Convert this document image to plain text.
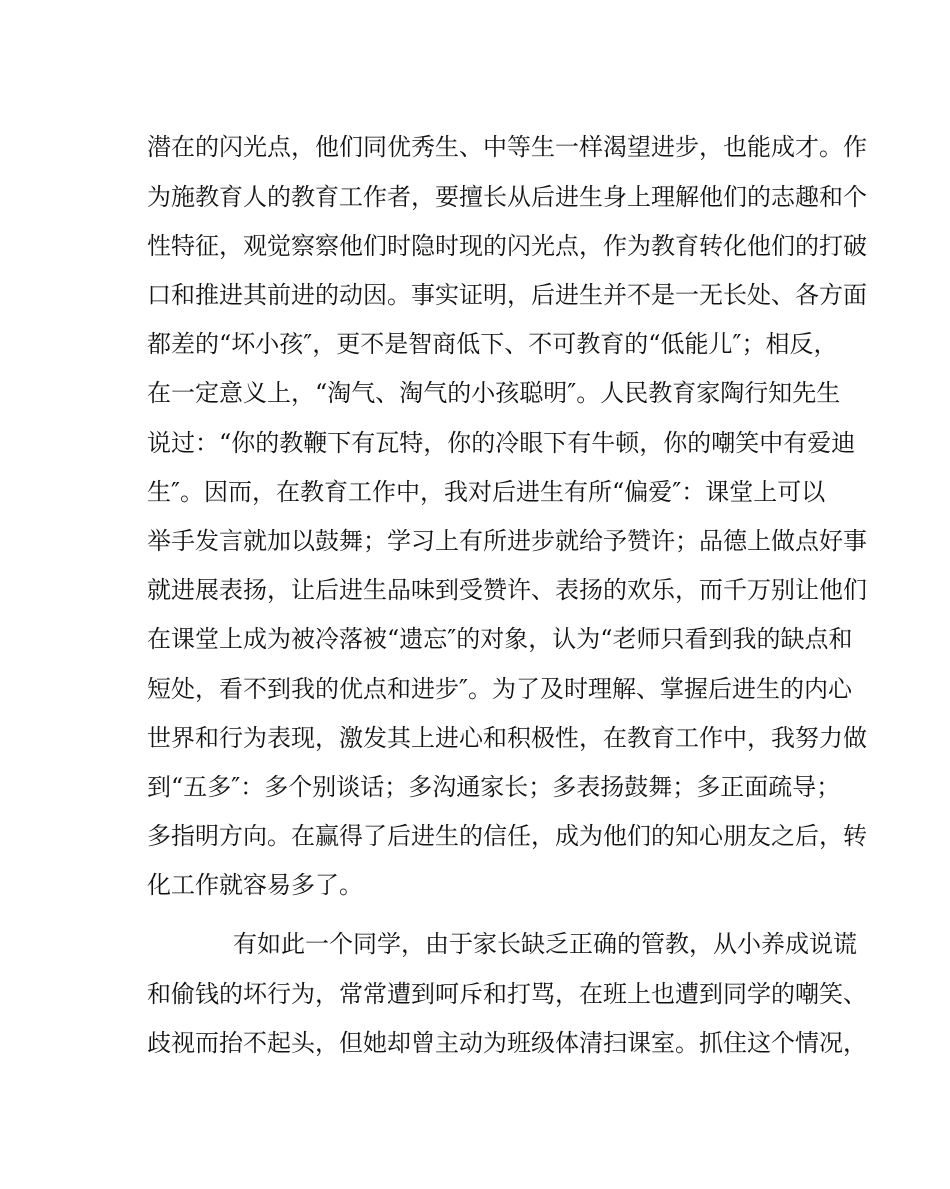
潜在的闪光点，他们同优秀生、中等生一样渴望进步，也能成才。作
为施教育人的教育工作者，要擅长从后进生身上理解他们的志趣和个
性特征，观觉察察他们时隐时现的闪光点，作为教育转化他们的打破
口和推进其前进的动因。事实证明，后进生并不是一无长处、各方面
都差的“坏小孩″，更不是智商低下、不可教育的“低能儿″；相反，
在一定意义上，“淘气、淘气的小孩聪明″。人民教育家陶行知先生
说过：“你的教鞭下有瓦特，你的冷眼下有牛顿，你的嘲笑中有爱迪
生″。因而，在教育工作中，我对后进生有所“偏爱″：课堂上可以
举手发言就加以鼓舞；学习上有所进步就给予赞许；品德上做点好事
就进展表扬，让后进生品味到受赞许、表扬的欢乐，而千万别让他们
在课堂上成为被冷落被“遗忘″的对象，认为“老师只看到我的缺点和
短处，看不到我的优点和进步″。为了及时理解、掌握后进生的内心
世界和行为表现，激发其上进心和积极性，在教育工作中，我努力做
到“五多″：多个别谈话；多沟通家长；多表扬鼓舞；多正面疏导；
多指明方向。在赢得了后进生的信任，成为他们的知心朋友之后，转
化工作就容易多了。
有如此一个同学，由于家长缺乏正确的管教，从小养成说谎
和偷钱的坏行为，常常遭到呵斥和打骂，在班上也遭到同学的嘲笑、
歧视而抬不起头，但她却曾主动为班级体清扫课室。抓住这个情况，
